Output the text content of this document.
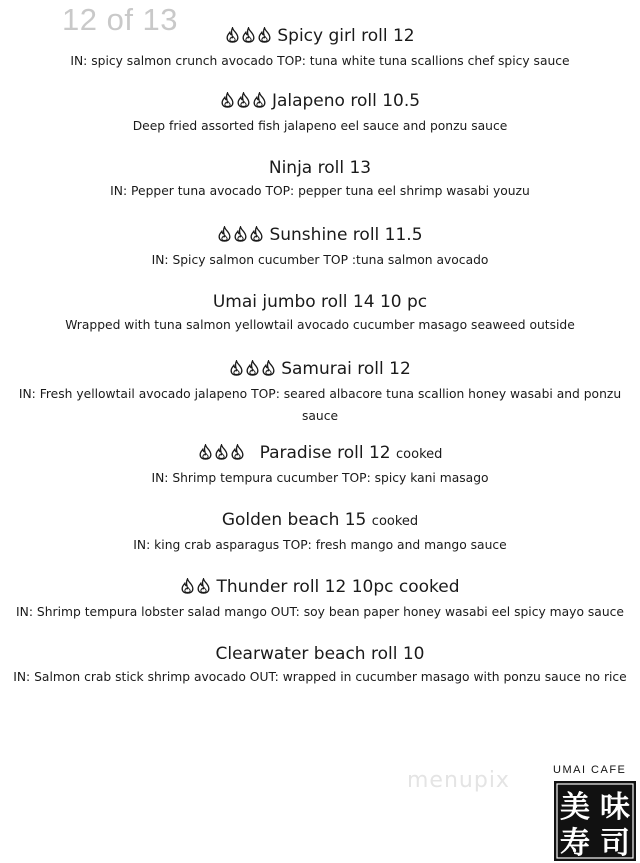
12 of 13	Spicy girl roll 12
IN: spicy salmon crunch avocado TOP: tuna white tuna scallions chef spicy sauce
Jalapeno roll 10.5
Deep fried assorted fish jalapeno eel sauce and ponzu sauce
Ninja roll 13
IN: Pepper tuna avocado TOP: pepper tuna eel shrimp wasabi youzu
Sunshine roll 11.5
IN: Spicy salmon cucumber TOP :tuna salmon avocado
Umai jumbo roll 14 10 pc
Wrapped with tuna salmon yellowtail avocado cucumber masago seaweed outside
Samurai roll 12
IN: Fresh yellowtail avocado jalapeno TOP: seared albacore tuna scallion honey wasabi and ponzu sauce
Paradise roll 12 cooked
IN: Shrimp tempura cucumber TOP: spicy kani masago
Golden beach 15 cooked
IN: king crab asparagus TOP: fresh mango and mango sauce
Thunder roll 12 10pc cooked
IN: Shrimp tempura lobster salad mango OUT: soy bean paper honey wasabi eel spicy mayo sauce
Clearwater beach roll 10
IN: Salmon crab stick shrimp avocado OUT: wrapped in cucumber masago with ponzu sauce no rice
menupix	UMAI CAFE
美 味
寿 司
